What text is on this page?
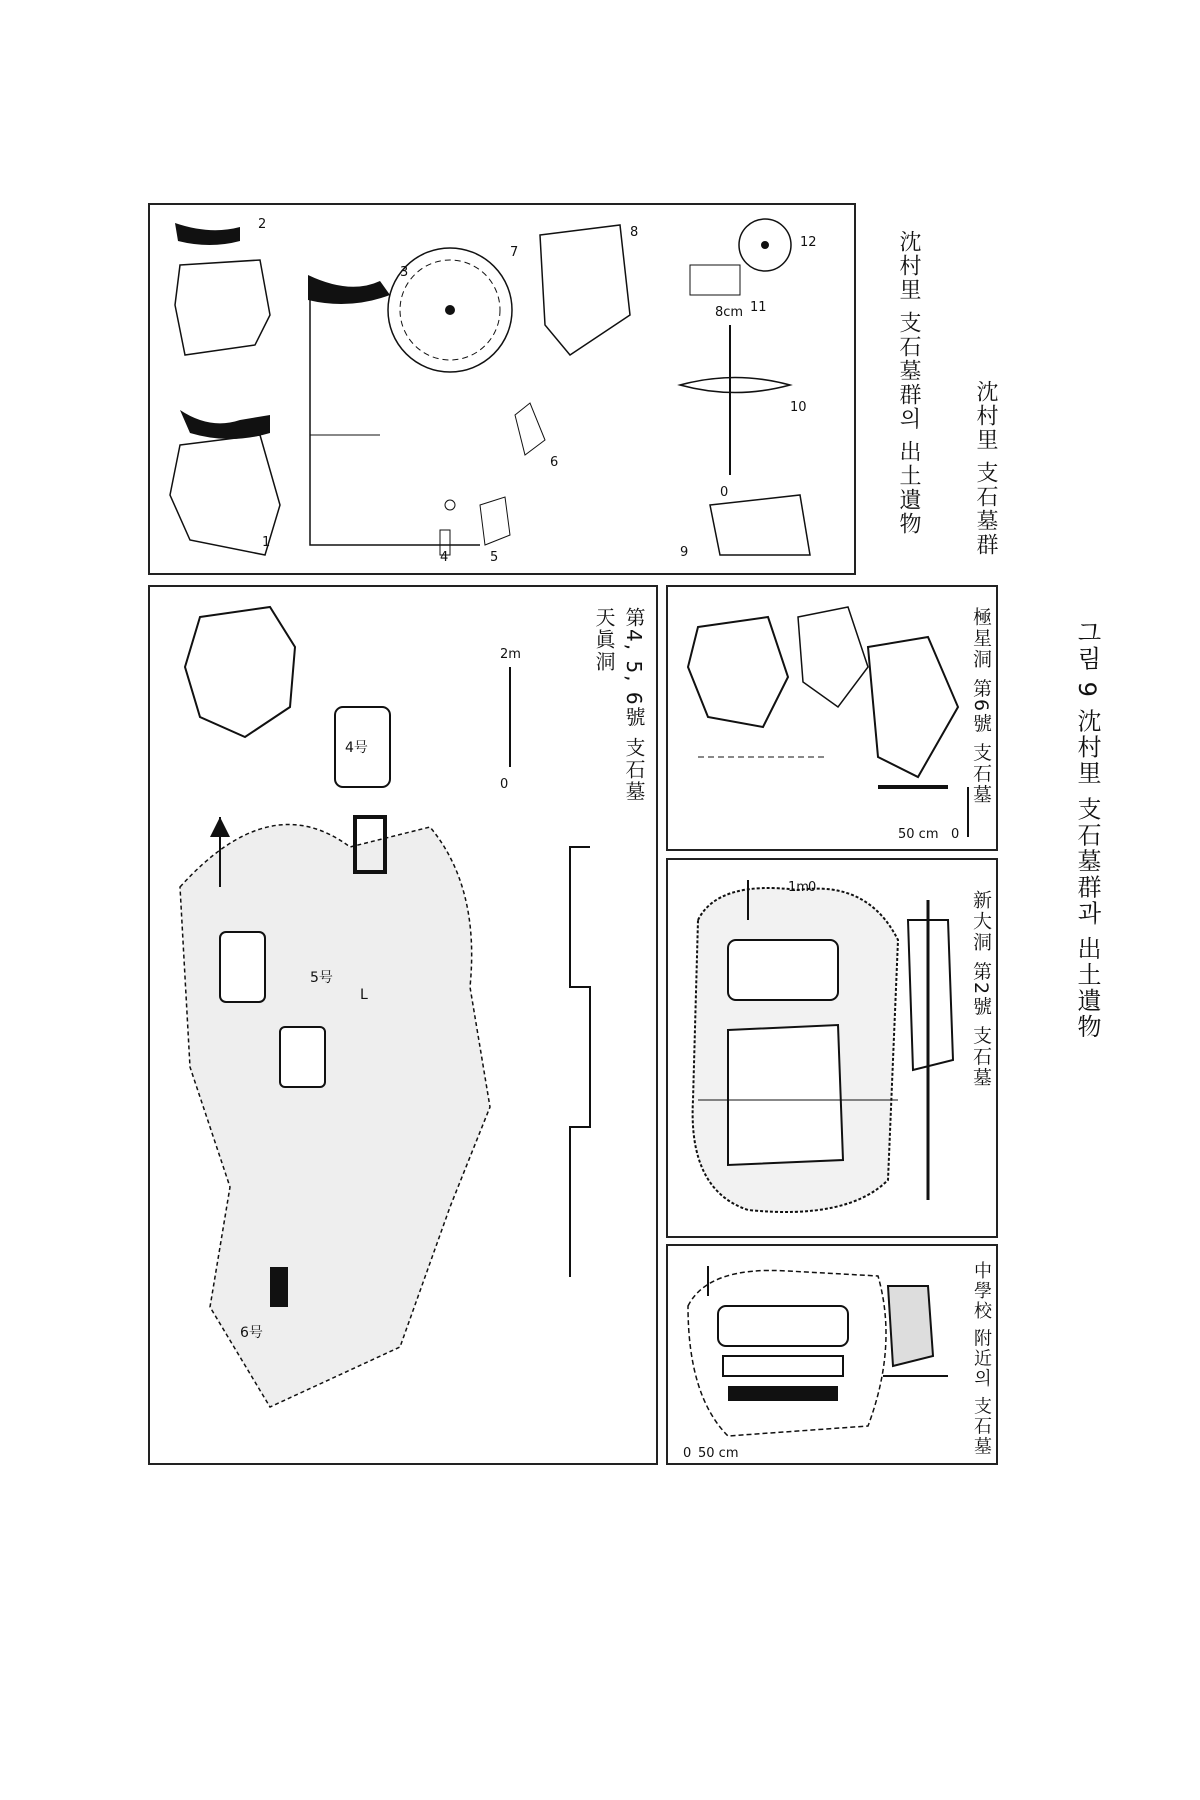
1
2
3
4	5
6
7
8
9
10
11
12
0
8cm	沈村里 支石墓群의 出土遺物 沈村里 支石墓群
4号
5号
6号
L
0
2m	天眞洞 第4, 5, 6號 支石墓
0
50 cm
極星洞 第6號 支石墓
0
1m
新大洞 第2號 支石墓
0 50 cm	中學校 附近의 支石墓
그림 9 沈村里 支石墓群과 出土遺物
